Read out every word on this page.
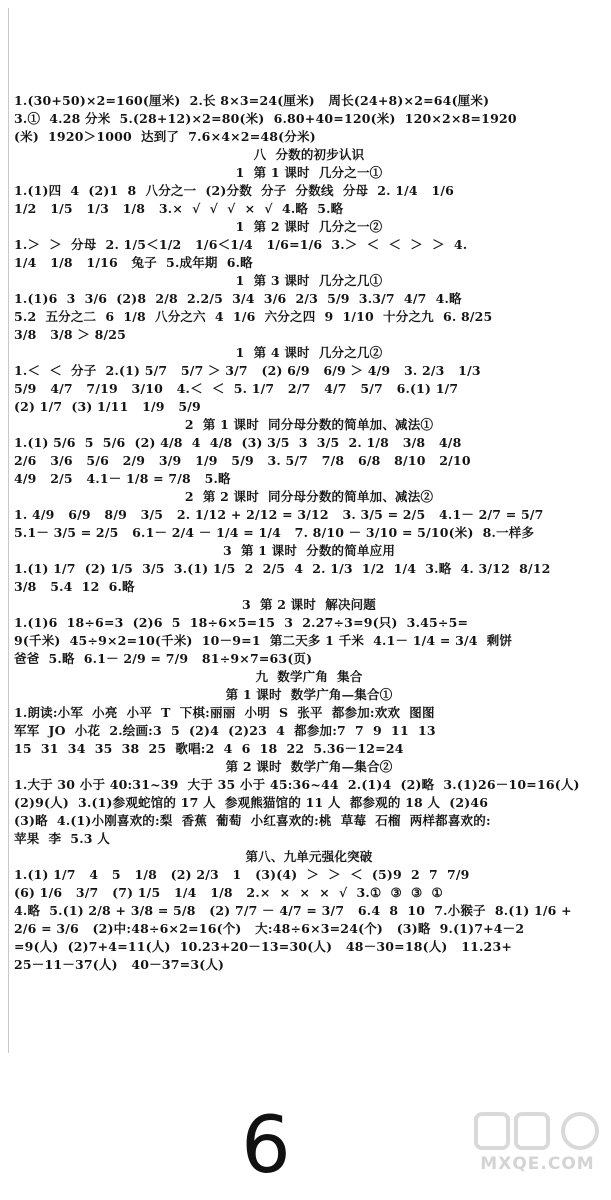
1.(30+50)×2=160(厘米)  2.长 8×3=24(厘米)   周长(24+8)×2=64(厘米)
3.①  4.28 分米  5.(28+12)×2=80(米)  6.80+40=120(米)  120×2×8=1920
(米)  1920＞1000  达到了  7.6×4×2=48(分米)
八  分数的初步认识
1  第 1 课时  几分之一①
1.(1)四  4  (2)1  8  八分之一  (2)分数  分子  分数线  分母  2. 1/4   1/6
1/2   1/5   1/3   1/8   3.×  √  √  √  ×  √  4.略  5.略
1  第 2 课时  几分之一②
1.＞  ＞  分母  2. 1/5＜1/2   1/6＜1/4   1/6=1/6  3.＞  ＜  ＜  ＞  ＞  4.
1/4   1/8   1/16   兔子  5.成年期  6.略
1  第 3 课时  几分之几①
1.(1)6  3  3/6  (2)8  2/8  2.2/5  3/4  3/6  2/3  5/9  3.3/7  4/7  4.略
5.2  五分之二  6  1/8  八分之六  4  1/6  六分之四  9  1/10  十分之九  6. 8/25
3/8   3/8 ＞ 8/25
1  第 4 课时  几分之几②
1.＜  ＜  分子  2.(1) 5/7   5/7 ＞ 3/7   (2) 6/9   6/9 ＞ 4/9   3. 2/3   1/3
5/9   4/7   7/19   3/10   4.＜  ＜  5. 1/7   2/7   4/7   5/7   6.(1) 1/7
(2) 1/7  (3) 1/11   1/9   5/9
2  第 1 课时  同分母分数的简单加、减法①
1.(1) 5/6  5  5/6  (2) 4/8  4  4/8  (3) 3/5  3  3/5  2. 1/8   3/8   4/8
2/6   3/6   5/6   2/9   3/9   1/9   5/9   3. 5/7   7/8   6/8   8/10   2/10
4/9   2/5   4.1－ 1/8 = 7/8   5.略
2  第 2 课时  同分母分数的简单加、减法②
1. 4/9   6/9   8/9   3/5   2. 1/12 + 2/12 = 3/12   3. 3/5 = 2/5   4.1－ 2/7 = 5/7
5.1－ 3/5 = 2/5   6.1－ 2/4 － 1/4 = 1/4   7. 8/10 － 3/10 = 5/10(米)  8.一样多
3  第 1 课时  分数的简单应用
1.(1) 1/7  (2) 1/5  3/5  3.(1) 1/5  2  2/5  4  2. 1/3  1/2  1/4  3.略  4. 3/12  8/12
3/8   5.4  12  6.略
3  第 2 课时  解决问题
1.(1)6  18÷6=3  (2)6  5  18÷6×5=15  3  2.27÷3=9(只)  3.45÷5=
9(千米)  45÷9×2=10(千米)  10－9=1  第二天多 1 千米  4.1－ 1/4 = 3/4  剩饼
爸爸  5.略  6.1－ 2/9 = 7/9   81÷9×7=63(页)
九  数学广角  集合
第 1 课时  数学广角—集合①
1.朗读:小军  小亮  小平  T  下棋:丽丽  小明  S  张平  都参加:欢欢  图图
军军  JO  小花  2.绘画:3  5  (2)4  (2)23  4  都参加:7  7  9  11  13
15  31  34  35  38  25  歌唱:2  4  6  18  22  5.36－12=24
第 2 课时  数学广角—集合②
1.大于 30 小于 40:31~39  大于 35 小于 45:36~44  2.(1)4  (2)略  3.(1)26－10=16(人)
(2)9(人)  3.(1)参观蛇馆的 17 人  参观熊猫馆的 11 人  都参观的 18 人  (2)46
(3)略  4.(1)小刚喜欢的:梨  香蕉  葡萄  小红喜欢的:桃  草莓  石榴  两样都喜欢的:
苹果  李  5.3 人
第八、九单元强化突破
1.(1) 1/7   4   5   1/8   (2) 2/3   1   (3)(4)  ＞  ＞  ＜  (5)9  2  7  7/9
(6) 1/6   3/7   (7) 1/5   1/4   1/8   2.×  ×  ×  ×  √  3.①  ③  ③  ①
4.略  5.(1) 2/8 + 3/8 = 5/8   (2) 7/7 － 4/7 = 3/7   6.4  8  10  7.小猴子  8.(1) 1/6 +
2/6 = 3/6   (2)中:48÷6×2=16(个)   大:48÷6×3=24(个)   (3)略  9.(1)7+4－2
=9(人)  (2)7+4=11(人)  10.23+20－13=30(人)   48－30=18(人)   11.23+
25－11－37(人)   40－37=3(人)
6	MXQE.COM
